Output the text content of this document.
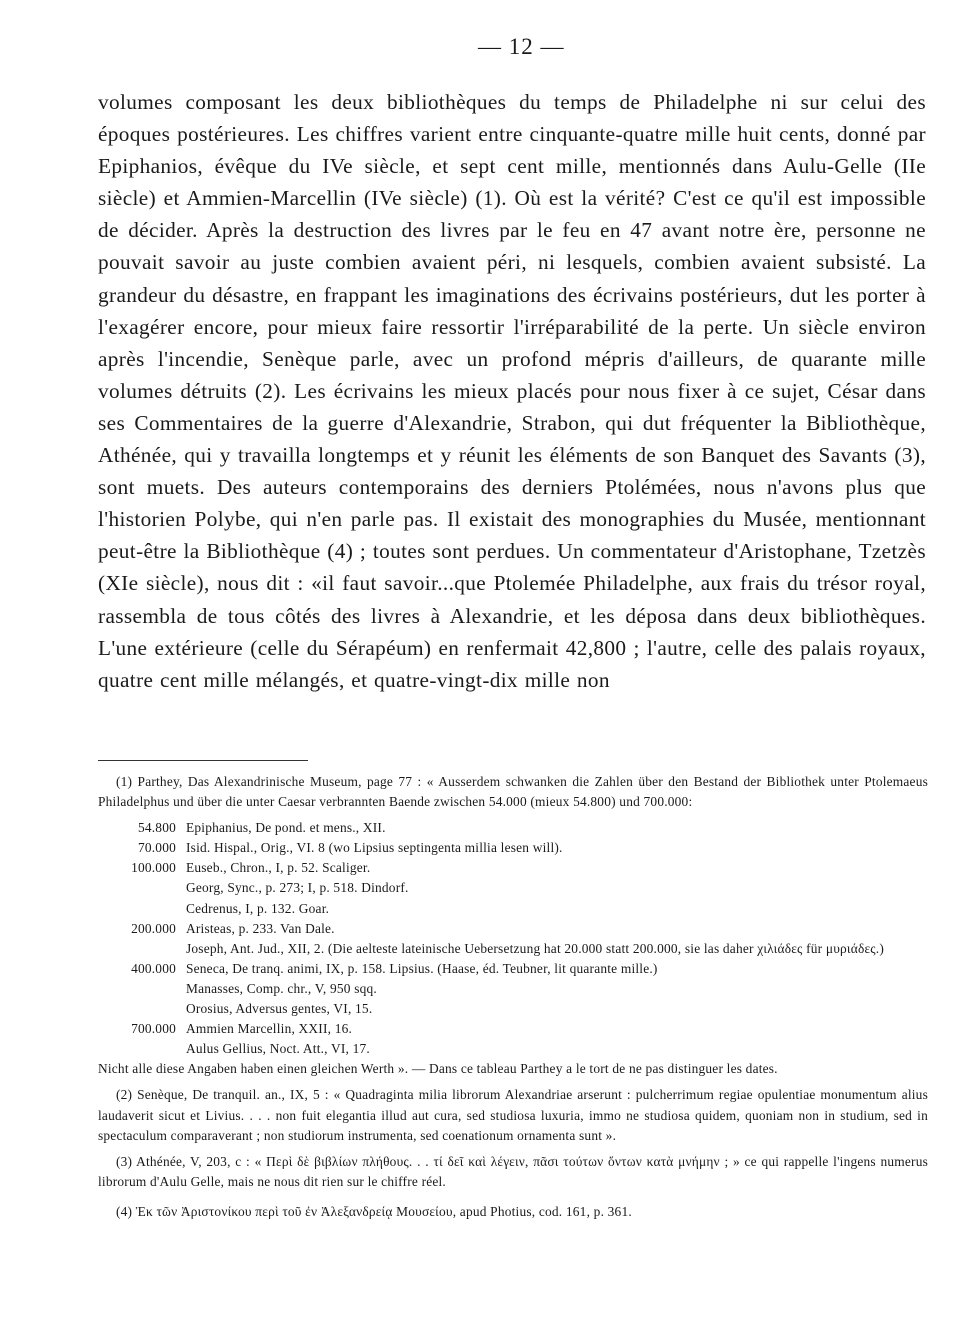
— 12 —

volumes composant les deux bibliothèques du temps de Philadelphe ni sur celui des époques postérieures. Les chiffres varient entre cinquante-quatre mille huit cents, donné par Epiphanios, évêque du IVe siècle, et sept cent mille, mentionnés dans Aulu-Gelle (IIe siècle) et Ammien-Marcellin (IVe siècle) (1). Où est la vérité? C'est ce qu'il est impossible de décider. Après la destruction des livres par le feu en 47 avant notre ère, personne ne pouvait savoir au juste combien avaient péri, ni lesquels, combien avaient subsisté. La grandeur du désastre, en frappant les imaginations des écrivains postérieurs, dut les porter à l'exagérer encore, pour mieux faire ressortir l'irréparabilité de la perte. Un siècle environ après l'incendie, Senèque parle, avec un profond mépris d'ailleurs, de quarante mille volumes détruits (2). Les écrivains les mieux placés pour nous fixer à ce sujet, César dans ses Commentaires de la guerre d'Alexandrie, Strabon, qui dut fréquenter la Bibliothèque, Athénée, qui y travailla longtemps et y réunit les éléments de son Banquet des Savants (3), sont muets. Des auteurs contemporains des derniers Ptolémées, nous n'avons plus que l'historien Polybe, qui n'en parle pas. Il existait des monographies du Musée, mentionnant peut-être la Bibliothèque (4) ; toutes sont perdues. Un commentateur d'Aristophane, Tzetzès (XIe siècle), nous dit : «il faut savoir...que Ptolemée Philadelphe, aux frais du trésor royal, rassembla de tous côtés des livres à Alexandrie, et les déposa dans deux bibliothèques. L'une extérieure (celle du Sérapéum) en renfermait 42,800 ; l'autre, celle des palais royaux, quatre cent mille mélangés, et quatre-vingt-dix mille non

(1) Parthey, Das Alexandrinische Museum, page 77 : « Ausserdem schwanken die Zahlen über den Bestand der Bibliothek unter Ptolemaeus Philadelphus und über die unter Caesar verbrannten Baende zwischen 54.000 (mieux 54.800) und 700.000:

54.800 Epiphanius, De pond. et mens., XII.
70.000 Isid. Hispal., Orig., VI. 8 (wo Lipsius septingenta millia lesen will).
100.000 Euseb., Chron., I, p. 52. Scaliger.
Georg, Sync., p. 273; I, p. 518. Dindorf.
Cedrenus, I, p. 132. Goar.
200.000 Aristeas, p. 233. Van Dale.
Joseph, Ant. Jud., XII, 2. (Die aelteste lateinische Uebersetzung hat 20.000 statt 200.000, sie las daher χιλιάδες für μυριάδες.)
400.000 Seneca, De tranq. animi, IX, p. 158. Lipsius. (Haase, éd. Teubner, lit quarante mille.)
Manasses, Comp. chr., V, 950 sqq.
Orosius, Adversus gentes, VI, 15.
700.000 Ammien Marcellin, XXII, 16.
Aulus Gellius, Noct. Att., VI, 17.

Nicht alle diese Angaben haben einen gleichen Werth ». — Dans ce tableau Parthey a le tort de ne pas distinguer les dates.

(2) Senèque, De tranquil. an., IX, 5 : « Quadraginta milia librorum Alexandriae arserunt : pulcherrimum regiae opulentiae monumentum alius laudaverit sicut et Livius. . . . non fuit elegantia illud aut cura, sed studiosa luxuria, immo ne studiosa quidem, quoniam non in studium, sed in spectaculum comparaverant ; non studiorum instrumenta, sed coenationum ornamenta sunt ».

(3) Athénée, V, 203, c : « Περὶ δὲ βιβλίων πλήθους. . . τί δεῖ καὶ λέγειν, πᾶσι τούτων ὄντων κατὰ μνήμην ; » ce qui rappelle l'ingens numerus librorum d'Aulu Gelle, mais ne nous dit rien sur le chiffre réel.

(4) Ἐκ τῶν Ἀριστονίκου περὶ τοῦ ἐν Ἀλεξανδρείᾳ Μουσείου, apud Photius, cod. 161, p. 361.
